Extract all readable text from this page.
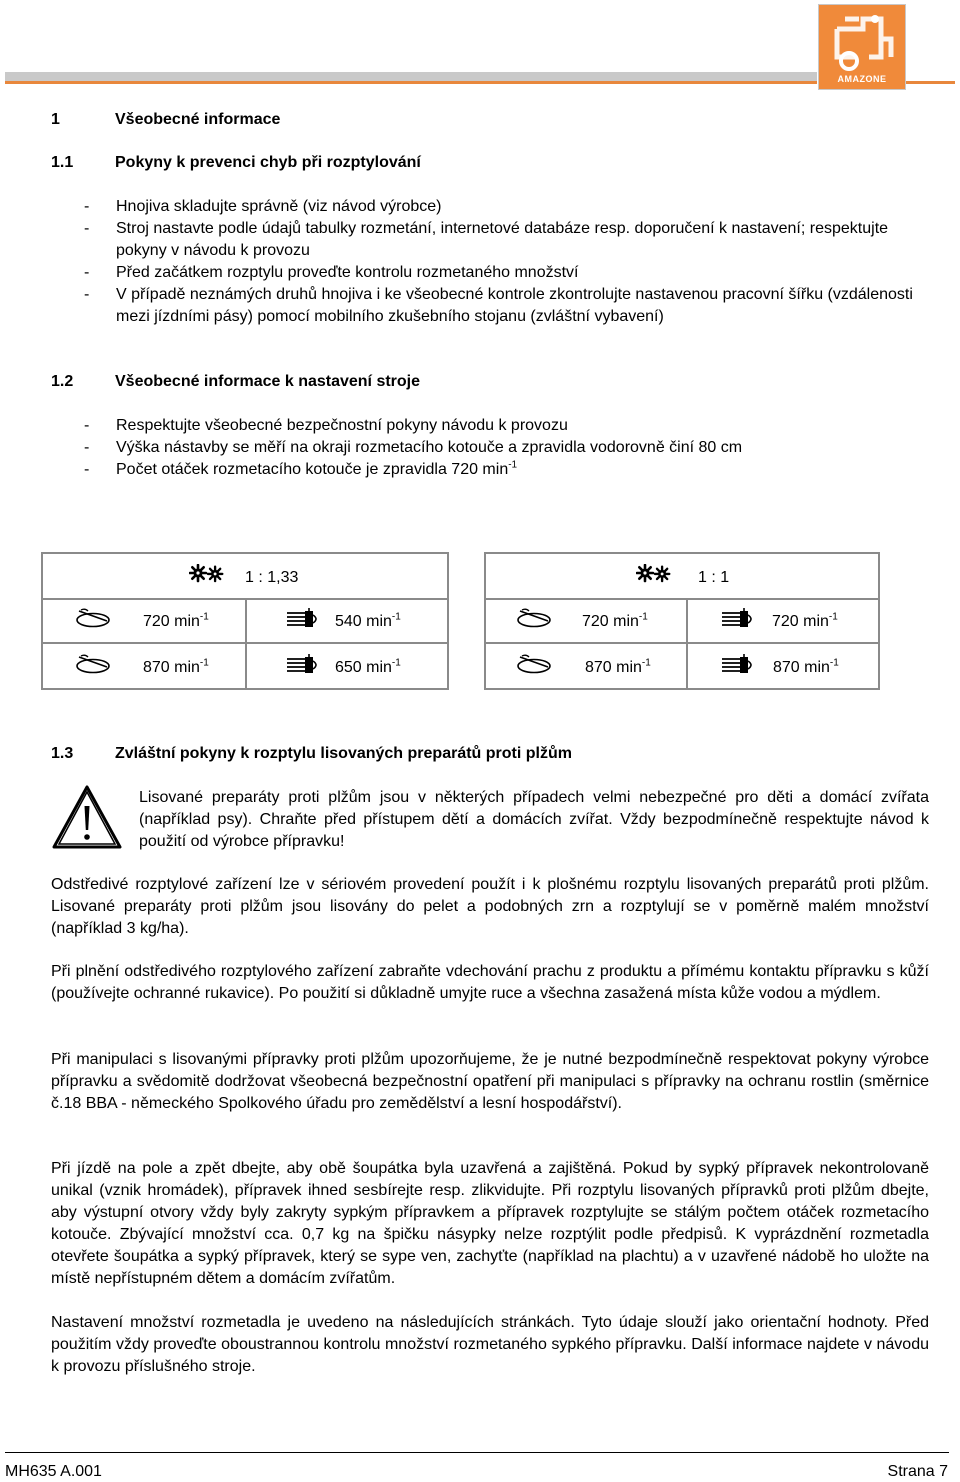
AMAZONE
1	Všeobecné informace
1.1	Pokyny k prevenci chyb při rozptylování
- Hnojiva skladujte správně (viz návod výrobce)
- Stroj nastavte podle údajů tabulky rozmetání, internetové databáze resp. doporučení k nastavení; respektujte pokyny v návodu k provozu
- Před začátkem rozptylu proveďte kontrolu rozmetaného množství
- V případě neznámých druhů hnojiva i ke všeobecné kontrole zkontrolujte nastavenou pracovní šířku (vzdálenosti mezi jízdními pásy) pomocí mobilního zkušebního stojanu (zvláštní vybavení)
1.2	Všeobecné informace k nastavení stroje
- Respektujte všeobecné bezpečnostní pokyny návodu k provozu
- Výška nástavby se měří na okraji rozmetacího kotouče a zpravidla vodorovně činí 80 cm
- Počet otáček rozmetacího kotouče je zpravidla 720 $\min^{-1}$
1 : 1,33
720 $\min^{-1}$	540 $\min^{-1}$
870 $\min^{-1}$	650 $\min^{-1}$
1 : 1
720 $\min^{-1}$	720 $\min^{-1}$
870 $\min^{-1}$	870 $\min^{-1}$
1.3	Zvláštní pokyny k rozptylu lisovaných preparátů proti plžům

Lisované preparáty proti plžům jsou v některých případech velmi nebezpečné pro děti a domácí zvířata (například psy). Chraňte před přístupem dětí a domácích zvířat. Vždy bezpodmínečně respektujte návod k použití od výrobce přípravku!

Odstředivé rozptylové zařízení lze v sériovém provedení použít i k plošnému rozptylu lisovaných preparátů proti plžům. Lisované preparáty proti plžům jsou lisovány do pelet a podobných zrn a rozptylují se v poměrně malém množství (například 3 kg/ha).

Při plnění odstředivého rozptylového zařízení zabraňte vdechování prachu z produktu a přímému kontaktu přípravku s kůží (používejte ochranné rukavice). Po použití si důkladně umyjte ruce a všechna zasažená místa kůže vodou a mýdlem.

Při manipulaci s lisovanými přípravky proti plžům upozorňujeme, že je nutné bezpodmínečně respektovat pokyny výrobce přípravku a svědomitě dodržovat všeobecná bezpečnostní opatření při manipulaci s přípravky na ochranu rostlin (směrnice č.18 BBA - německého Spolkového úřadu pro zemědělství a lesní hospodářství).

Při jízdě na pole a zpět dbejte, aby obě šoupátka byla uzavřená a zajištěná. Pokud by sypký přípravek nekontrolovaně unikal (vznik hromádek), přípravek ihned sesbírejte resp. zlikvidujte. Při rozptylu lisovaných přípravků proti plžům dbejte, aby výstupní otvory vždy byly zakryty sypkým přípravkem a přípravek rozptylujte se stálým počtem otáček rozmetacího kotouče. Zbývající množství cca. 0,7 kg na špičku násypky nelze rozptýlit podle předpisů. K vyprázdnění rozmetadla otevřete šoupátka a sypký přípravek, který se sype ven, zachyťte (například na plachtu) a v uzavřené nádobě ho uložte na místě nepřístupném dětem a domácím zvířatům.

Nastavení množství rozmetadla je uvedeno na následujících stránkách. Tyto údaje slouží jako orientační hodnoty. Před použitím vždy proveďte oboustrannou kontrolu množství rozmetaného sypkého přípravku. Další informace najdete v návodu k provozu příslušného stroje.

MH635 A.001	Strana 7
